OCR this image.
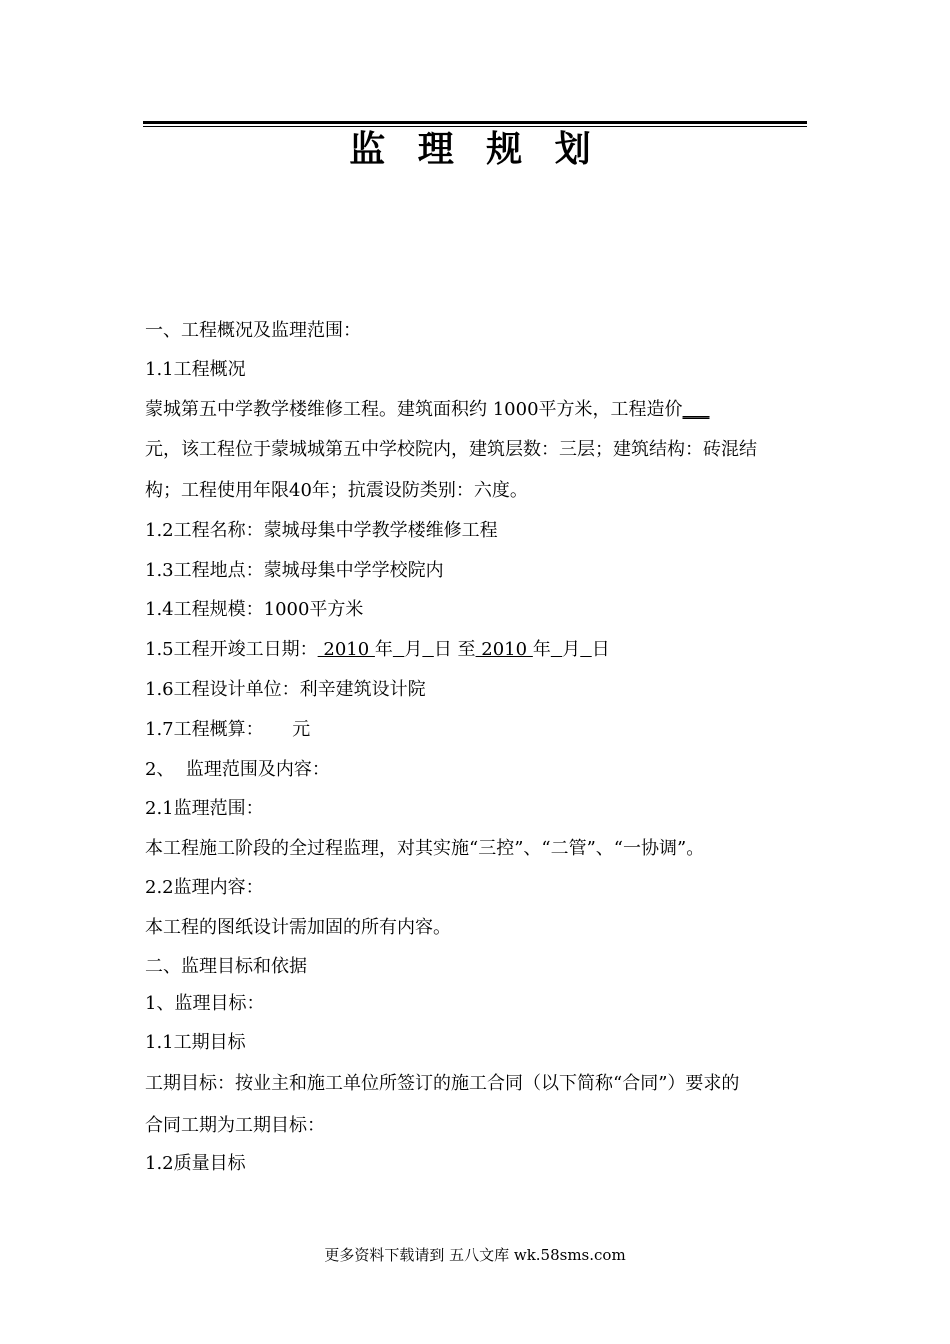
监 理 规 划
一、工程概况及监理范围：
1.1工程概况
蒙城第五中学教学楼维修工程。建筑面积约 1000平方米，工程造价___
元，该工程位于蒙城城第五中学校院内，建筑层数：三层；建筑结构：砖混结
构；工程使用年限40年；抗震设防类别：六度。
1.2工程名称：蒙城母集中学教学楼维修工程
1.3工程地点：蒙城母集中学学校院内
1.4工程规模：1000平方米
1.5工程开竣工日期： 2010 年 月 日 至 2010 年 月 日
1.6工程设计单位：利辛建筑设计院
1.7工程概算：     元
2、  监理范围及内容：
2.1监理范围：
本工程施工阶段的全过程监理，对其实施“三控”、“二管”、“一协调”。
2.2监理内容：
本工程的图纸设计需加固的所有内容。
二、监理目标和依据
1、监理目标：
1.1工期目标
工期目标：按业主和施工单位所签订的施工合同（以下简称“合同”）要求的
合同工期为工期目标：
1.2质量目标
更多资料下载请到 五八文库 wk.58sms.com
